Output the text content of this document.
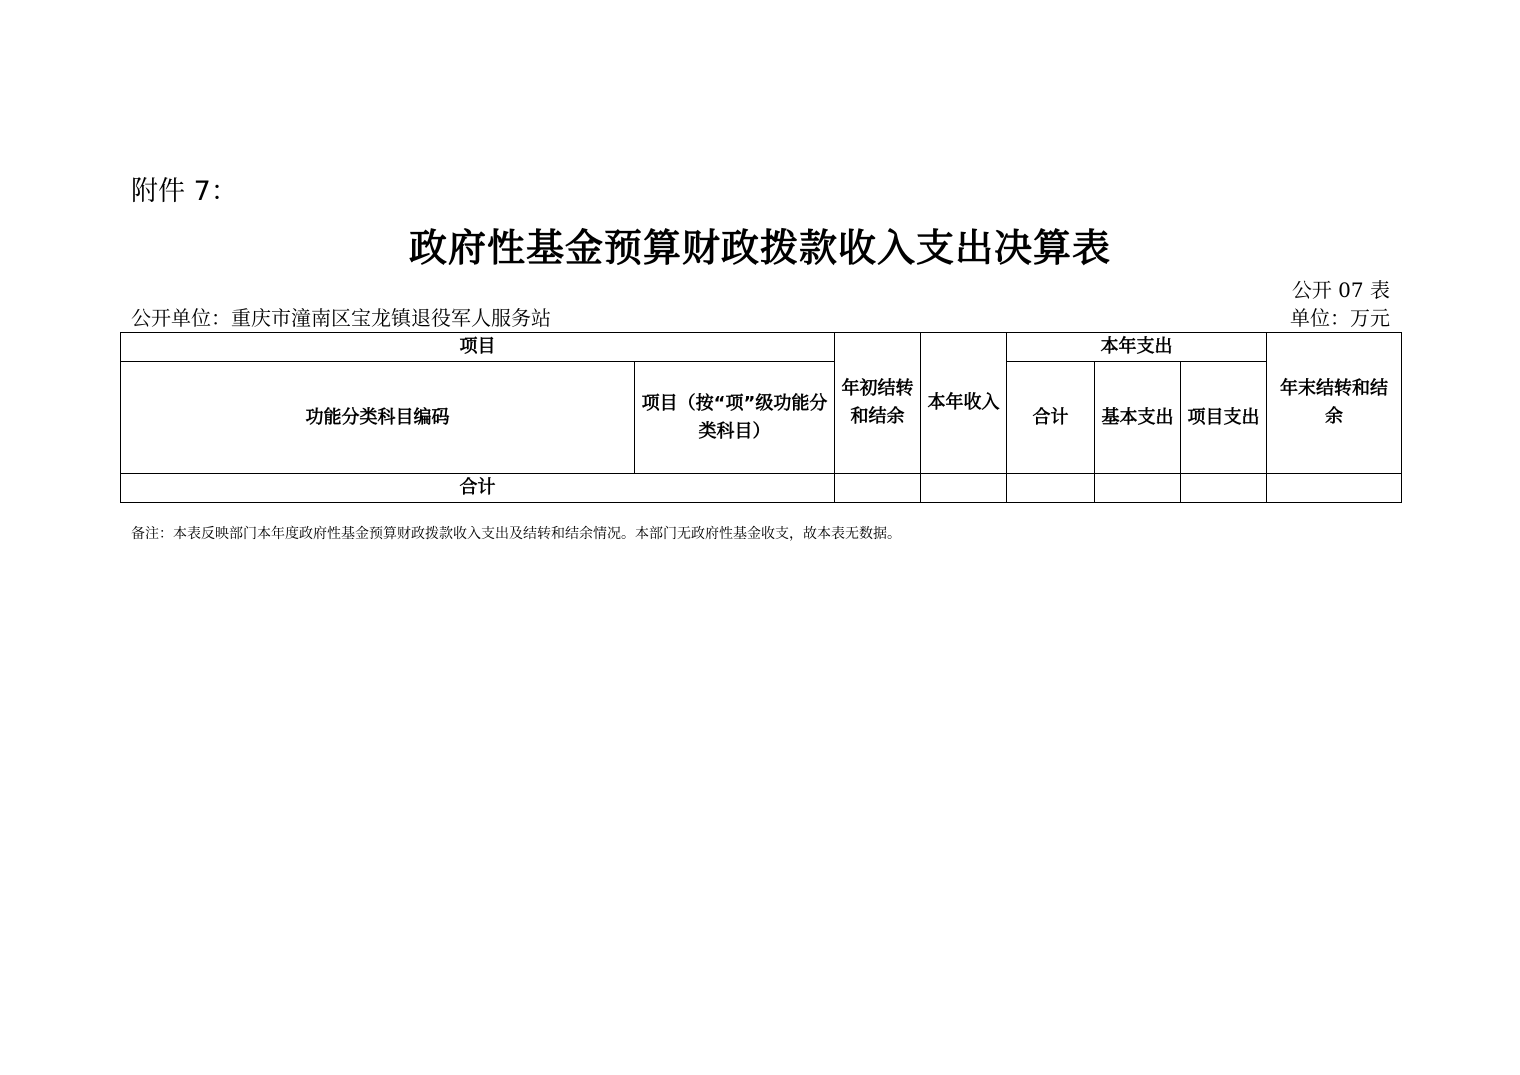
附件 7：
政府性基金预算财政拨款收入支出决算表
公开 07 表
公开单位：重庆市潼南区宝龙镇退役军人服务站	单位：万元
项目		年初结转和结余	本年收入	本年支出			年末结转和结余
功能分类科目编码	项目（按“项”级功能分类科目）			合计	基本支出	项目支出	
合计							
备注：本表反映部门本年度政府性基金预算财政拨款收入支出及结转和结余情况。本部门无政府性基金收支，故本表无数据。
